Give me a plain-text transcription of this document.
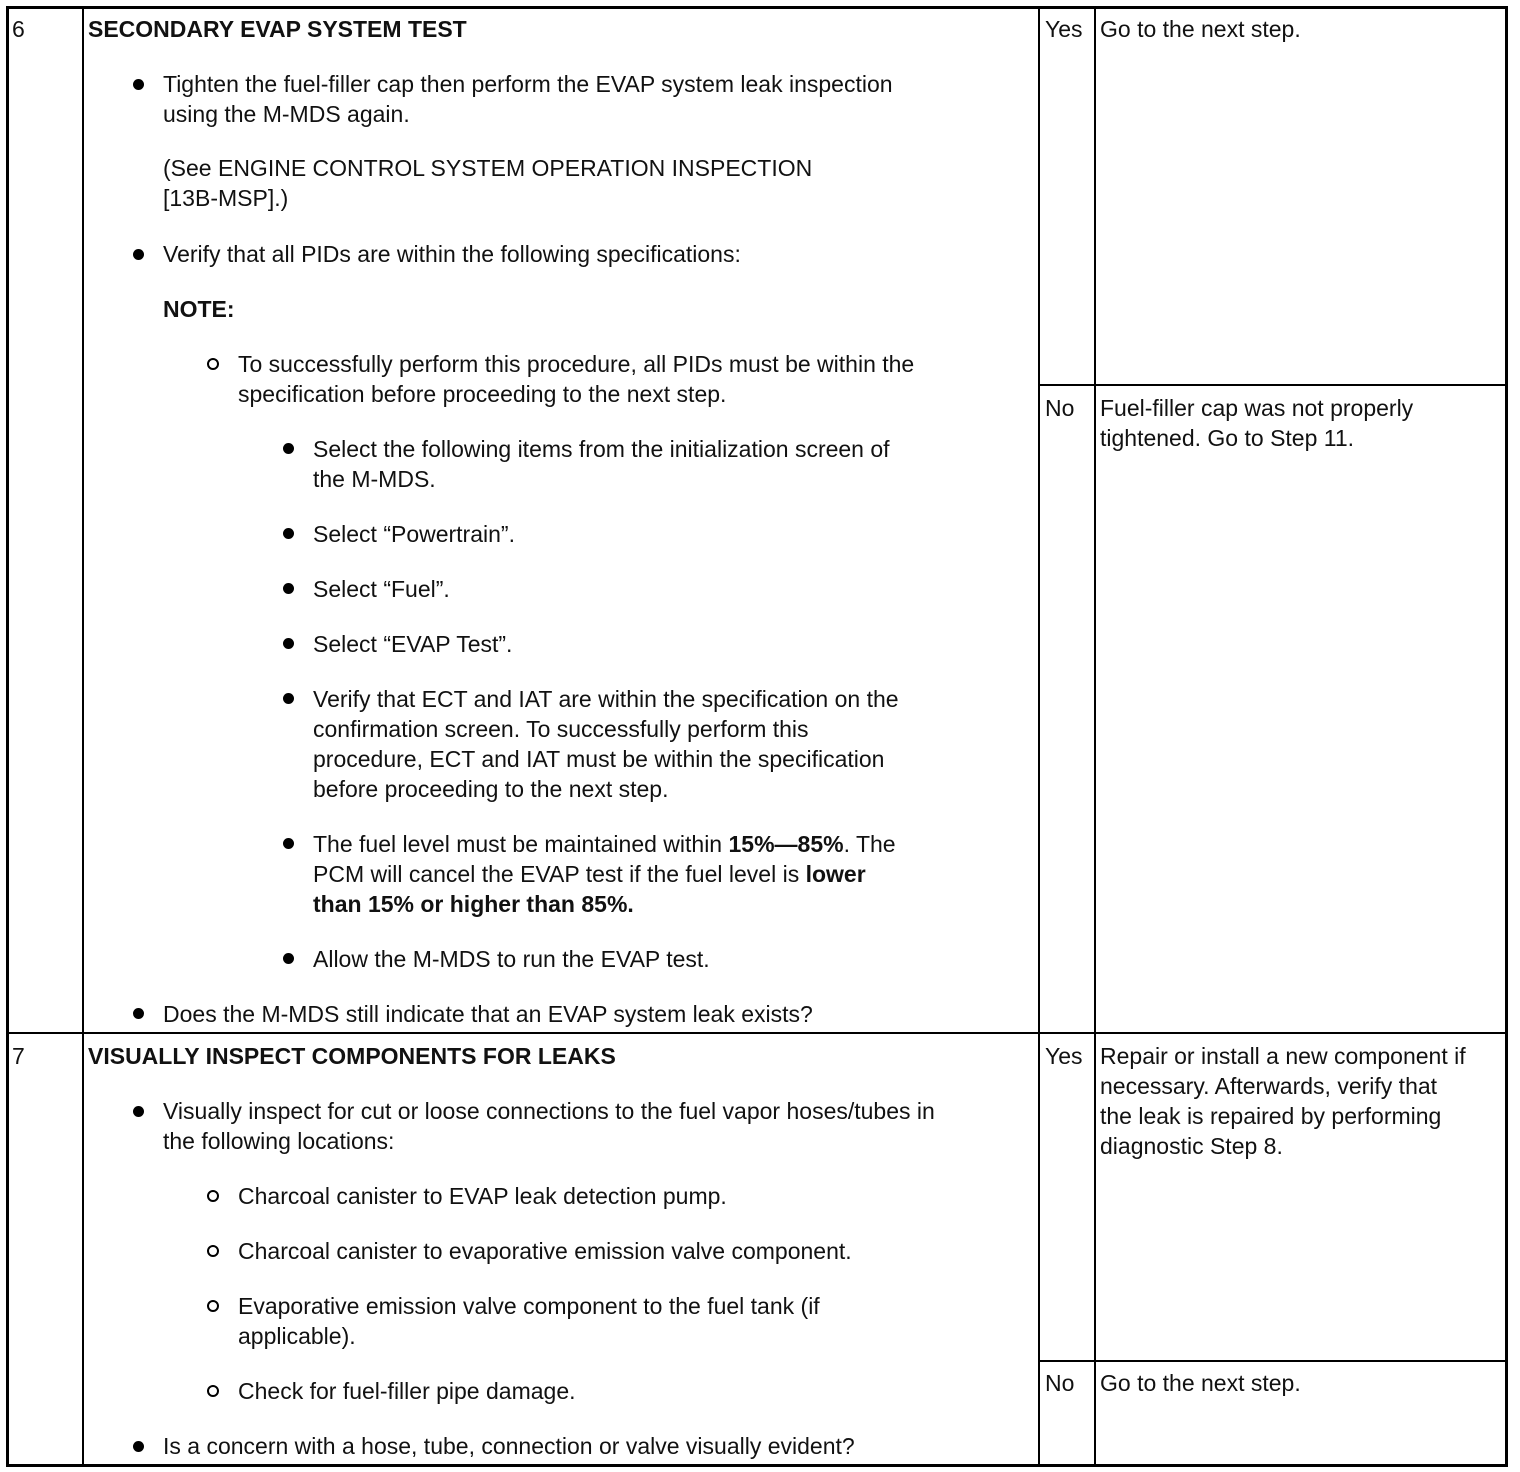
6	SECONDARY EVAP SYSTEM TEST
Tighten the fuel-filler cap then perform the EVAP system leak inspection
using the M-MDS again.
(See ENGINE CONTROL SYSTEM OPERATION INSPECTION
[13B-MSP].)
Verify that all PIDs are within the following specifications:
NOTE:
To successfully perform this procedure, all PIDs must be within the
specification before proceeding to the next step.
Select the following items from the initialization screen of
the M-MDS.
Select “Powertrain”.
Select “Fuel”.
Select “EVAP Test”.
Verify that ECT and IAT are within the specification on the
confirmation screen. To successfully perform this
procedure, ECT and IAT must be within the specification
before proceeding to the next step.
The fuel level must be maintained within 15%—85%. The
PCM will cancel the EVAP test if the fuel level is lower
than 15% or higher than 85%.
Allow the M-MDS to run the EVAP test.
Does the M-MDS still indicate that an EVAP system leak exists?
Yes Go to the next step.
No Fuel-filler cap was not properly
tightened. Go to Step 11.
7	VISUALLY INSPECT COMPONENTS FOR LEAKS
Visually inspect for cut or loose connections to the fuel vapor hoses/tubes in
the following locations:
Charcoal canister to EVAP leak detection pump.
Charcoal canister to evaporative emission valve component.
Evaporative emission valve component to the fuel tank (if
applicable).
Check for fuel-filler pipe damage.
Is a concern with a hose, tube, connection or valve visually evident?
Yes Repair or install a new component if
necessary. Afterwards, verify that
the leak is repaired by performing
diagnostic Step 8.
No Go to the next step.
